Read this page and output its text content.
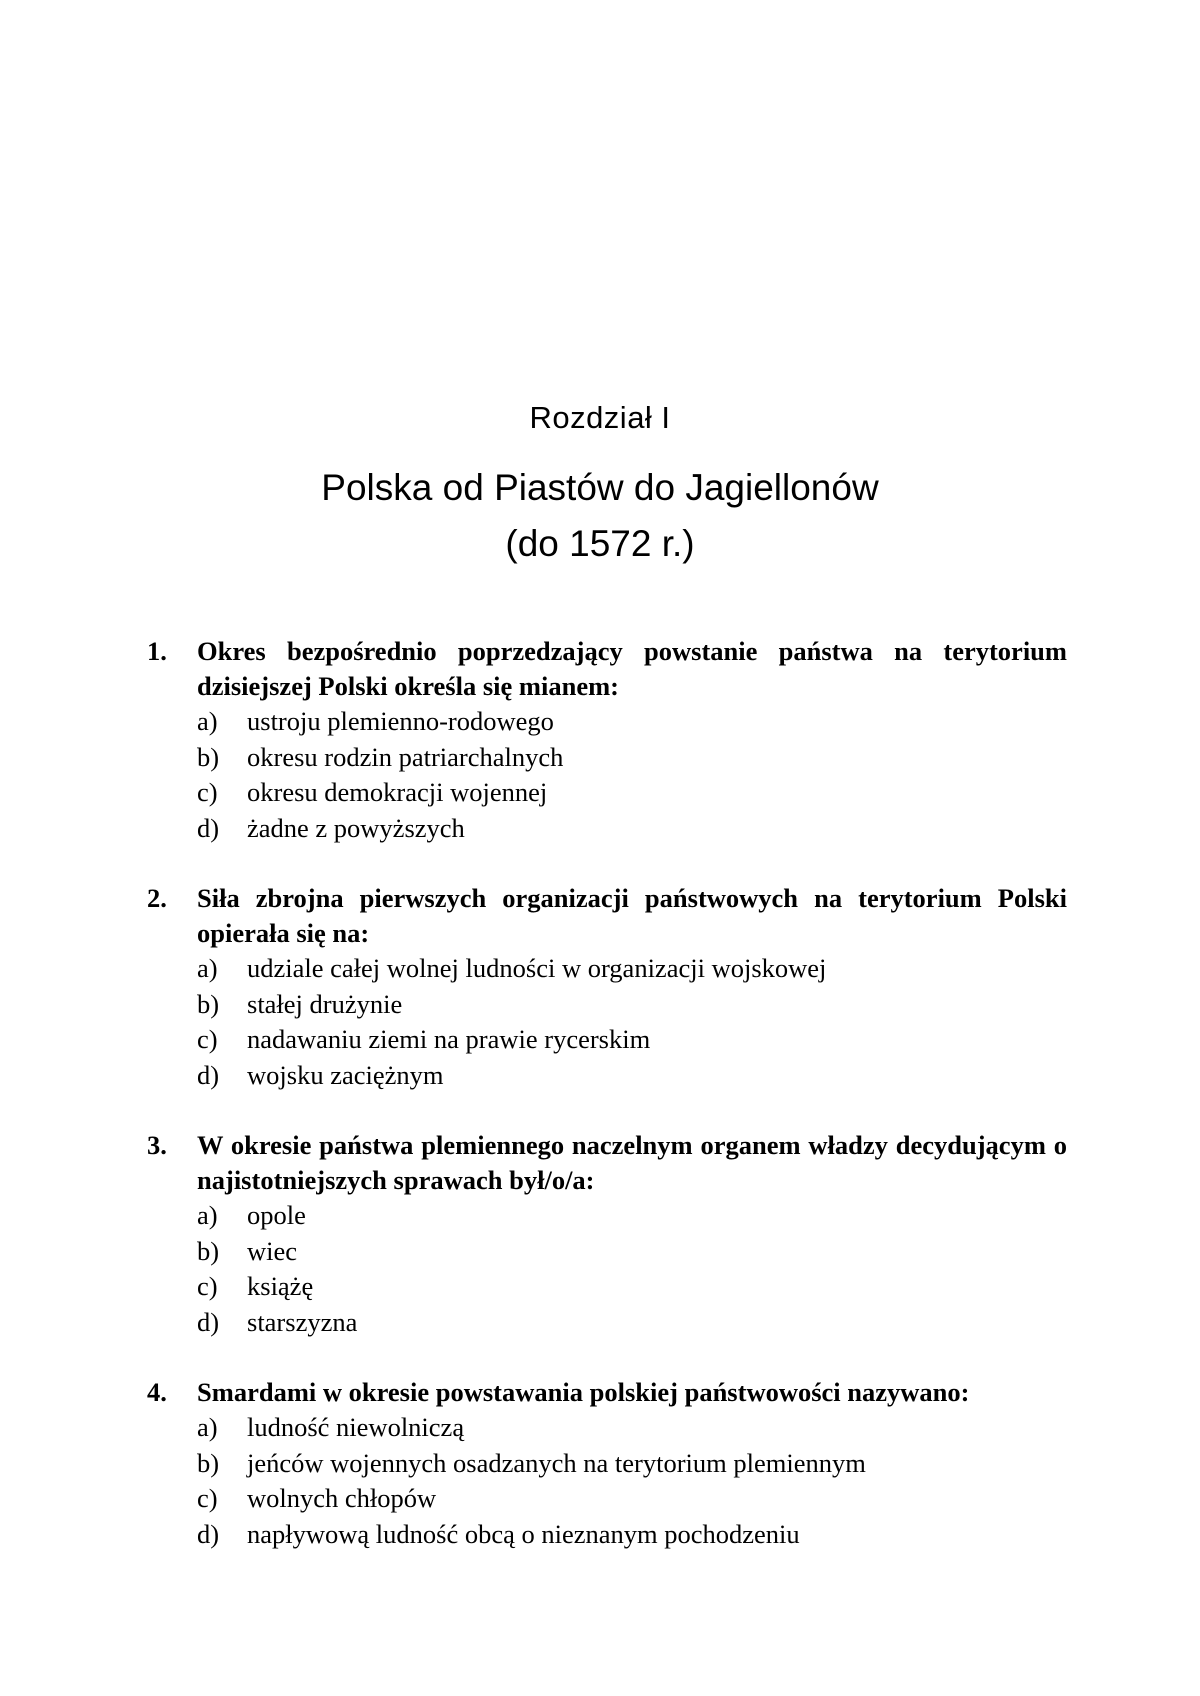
Rozdział I
Polska od Piastów do Jagiellonów
(do 1572 r.)
1.	Okres bezpośrednio poprzedzający powstanie państwa na terytorium dzisiejszej Polski określa się mianem:
a)	ustroju plemienno-rodowego
b)	okresu rodzin patriarchalnych
c)	okresu demokracji wojennej
d)	żadne z powyższych
2.	Siła zbrojna pierwszych organizacji państwowych na terytorium Polski opierała się na:
a)	udziale całej wolnej ludności w organizacji wojskowej
b)	stałej drużynie
c)	nadawaniu ziemi na prawie rycerskim
d)	wojsku zaciężnym
3.	W okresie państwa plemiennego naczelnym organem władzy decydującym o najistotniejszych sprawach był/o/a:
a)	opole
b)	wiec
c)	książę
d)	starszyzna
4.	Smardami w okresie powstawania polskiej państwowości nazywano:
a)	ludność niewolniczą
b)	jeńców wojennych osadzanych na terytorium plemiennym
c)	wolnych chłopów
d)	napływową ludność obcą o nieznanym pochodzeniu
